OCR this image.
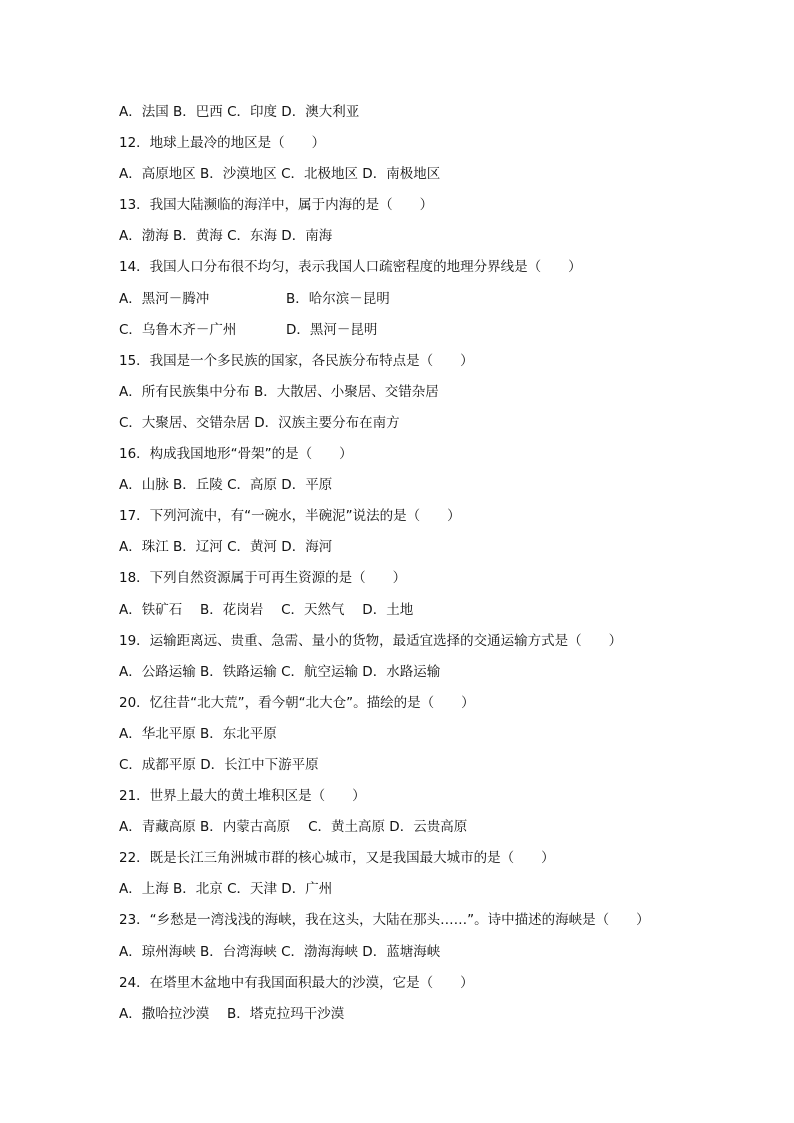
A．法国 B．巴西 C．印度 D．澳大利亚
12．地球上最冷的地区是（　　）
A．高原地区 B．沙漠地区 C．北极地区 D．南极地区
13．我国大陆濒临的海洋中，属于内海的是（　　）
A．渤海 B．黄海 C．东海 D．南海
14．我国人口分布很不均匀，表示我国人口疏密程度的地理分界线是（　　）
A．黑河－腾冲	B．哈尔滨－昆明
C．乌鲁木齐－广州	D．黑河－昆明
15．我国是一个多民族的国家，各民族分布特点是（　　）
A．所有民族集中分布 B．大散居、小聚居、交错杂居
C．大聚居、交错杂居 D．汉族主要分布在南方
16．构成我国地形“骨架”的是（　　）
A．山脉 B．丘陵 C．高原 D．平原
17．下列河流中，有“一碗水，半碗泥”说法的是（　　）
A．珠江 B．辽河 C．黄河 D．海河
18．下列自然资源属于可再生资源的是（　　）
A．铁矿石　 B．花岗岩　 C．天然气　 D．土地
19．运输距离远、贵重、急需、量小的货物，最适宜选择的交通运输方式是（　　）
A．公路运输 B．铁路运输 C．航空运输 D．水路运输
20．忆往昔“北大荒”，看今朝“北大仓”。描绘的是（　　）
A．华北平原 B．东北平原
C．成都平原 D．长江中下游平原
21．世界上最大的黄土堆积区是（　　）
A．青藏高原 B．内蒙古高原　 C．黄土高原 D．云贵高原
22．既是长江三角洲城市群的核心城市，又是我国最大城市的是（　　）
A．上海 B．北京 C．天津 D．广州
23．“乡愁是一湾浅浅的海峡，我在这头，大陆在那头……”。诗中描述的海峡是（　　）
A．琼州海峡 B．台湾海峡 C．渤海海峡 D．蓝塘海峡
24．在塔里木盆地中有我国面积最大的沙漠，它是（　　）
A．撒哈拉沙漠　 B．塔克拉玛干沙漠
